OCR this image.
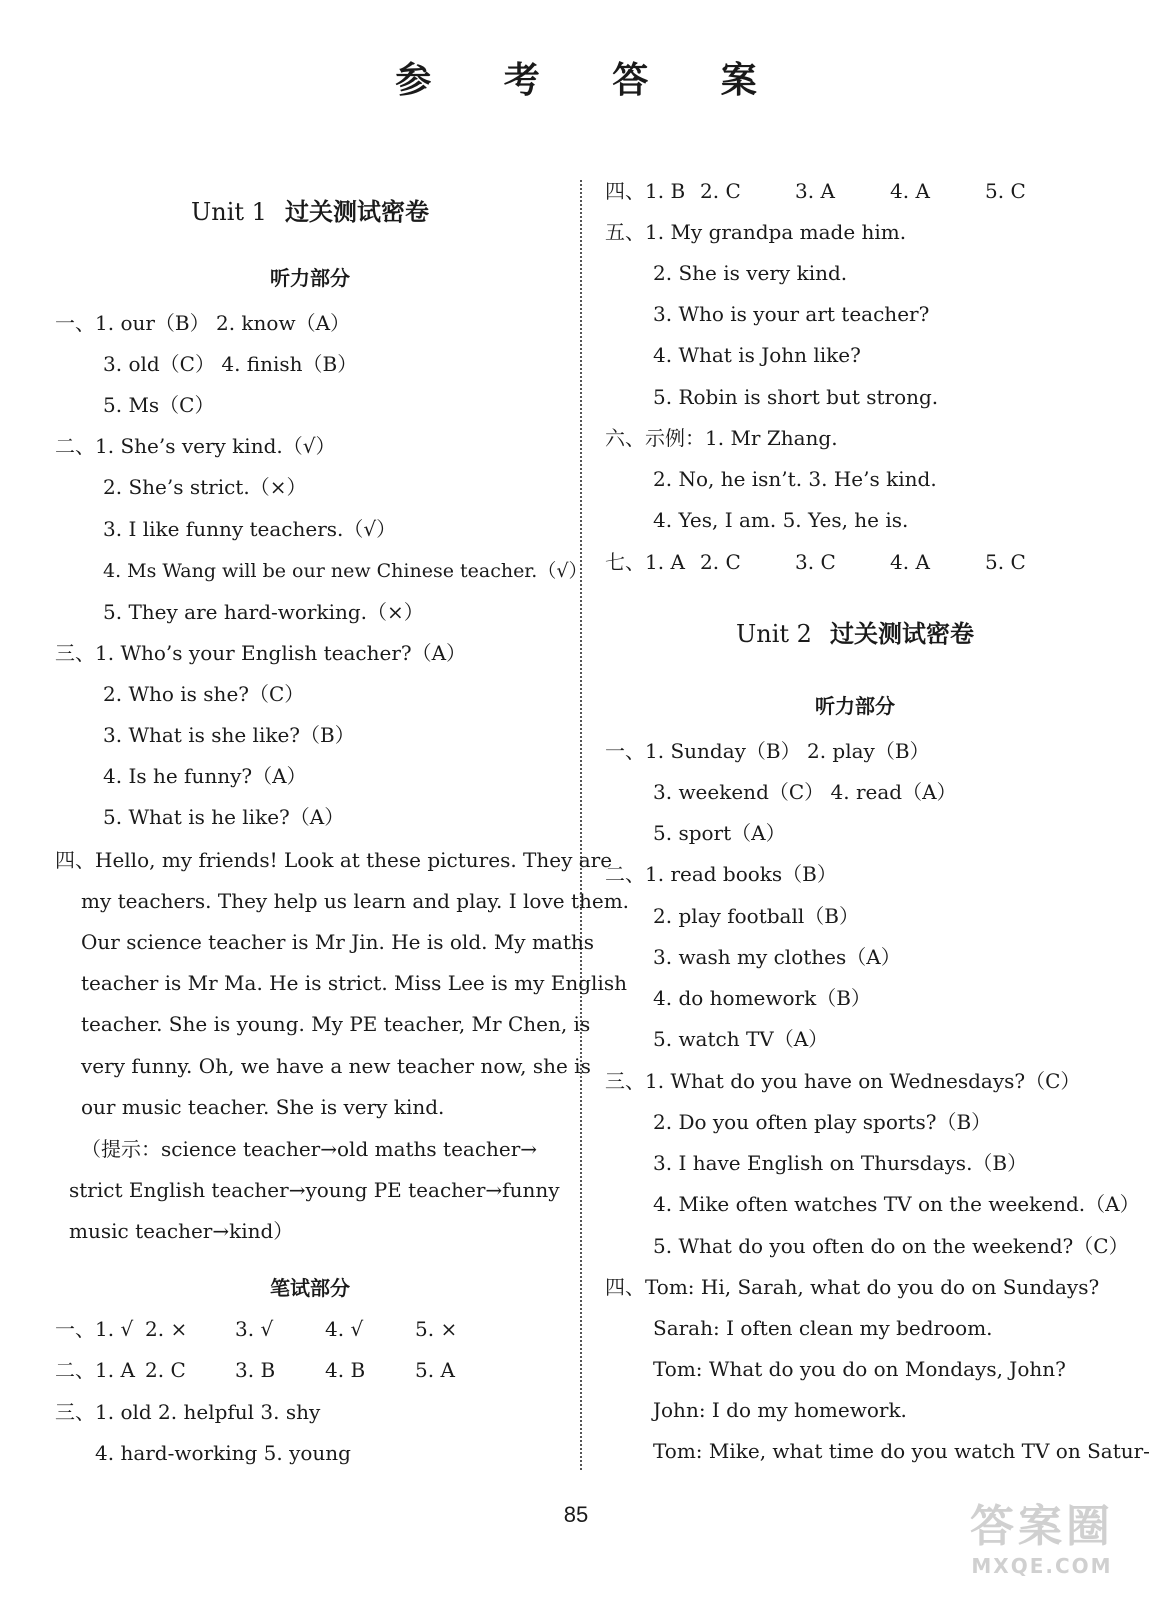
参 考 答 案
Unit 1 过关测试密卷
听力部分
一、1. our（B） 2. know（A）
3. old（C） 4. finish（B）
5. Ms（C）
二、1. She’s very kind.（√）
2. She’s strict.（×）
3. I like funny teachers.（√）
4. Ms Wang will be our new Chinese teacher.（√）
5. They are hard-working.（×）
三、1. Who’s your English teacher?（A）
2. Who is she?（C）
3. What is she like?（B）
4. Is he funny?（A）
5. What is he like?（A）
四、Hello, my friends! Look at these pictures. They are
my teachers. They help us learn and play. I love them.
Our science teacher is Mr Jin. He is old. My maths
teacher is Mr Ma. He is strict. Miss Lee is my English
teacher. She is young. My PE teacher, Mr Chen, is
very funny. Oh, we have a new teacher now, she is
our music teacher. She is very kind.
（提示：science teacher→old maths teacher→
strict English teacher→young PE teacher→funny
music teacher→kind）
笔试部分
一、1. √ 2. × 3. √	4. √	5. ×
二、1. A 2. C 3. B 4. B 5. A
三、1. old 2. helpful 3. shy
4. hard-working 5. young
四、1. B 2. C	3. A	4. A	5. C
五、1. My grandpa made him.
2. She is very kind.
3. Who is your art teacher?
4. What is John like?
5. Robin is short but strong.
六、示例：1. Mr Zhang.
2. No, he isn’t. 3. He’s kind.
4. Yes, I am. 5. Yes, he is.
七、1. A 2. C	3. C	4. A	5. C
Unit 2 过关测试密卷
听力部分
一、1. Sunday（B） 2. play（B）
3. weekend（C） 4. read（A）
5. sport（A）
二、1. read books（B）
2. play football（B）
3. wash my clothes（A）
4. do homework（B）
5. watch TV（A）
三、1. What do you have on Wednesdays?（C）
2. Do you often play sports?（B）
3. I have English on Thursdays.（B）
4. Mike often watches TV on the weekend.（A）
5. What do you often do on the weekend?（C）
四、Tom: Hi, Sarah, what do you do on Sundays?
Sarah: I often clean my bedroom.
Tom: What do you do on Mondays, John?
John: I do my homework.
Tom: Mike, what time do you watch TV on Satur-
85	答案圈
MXQE.COM
